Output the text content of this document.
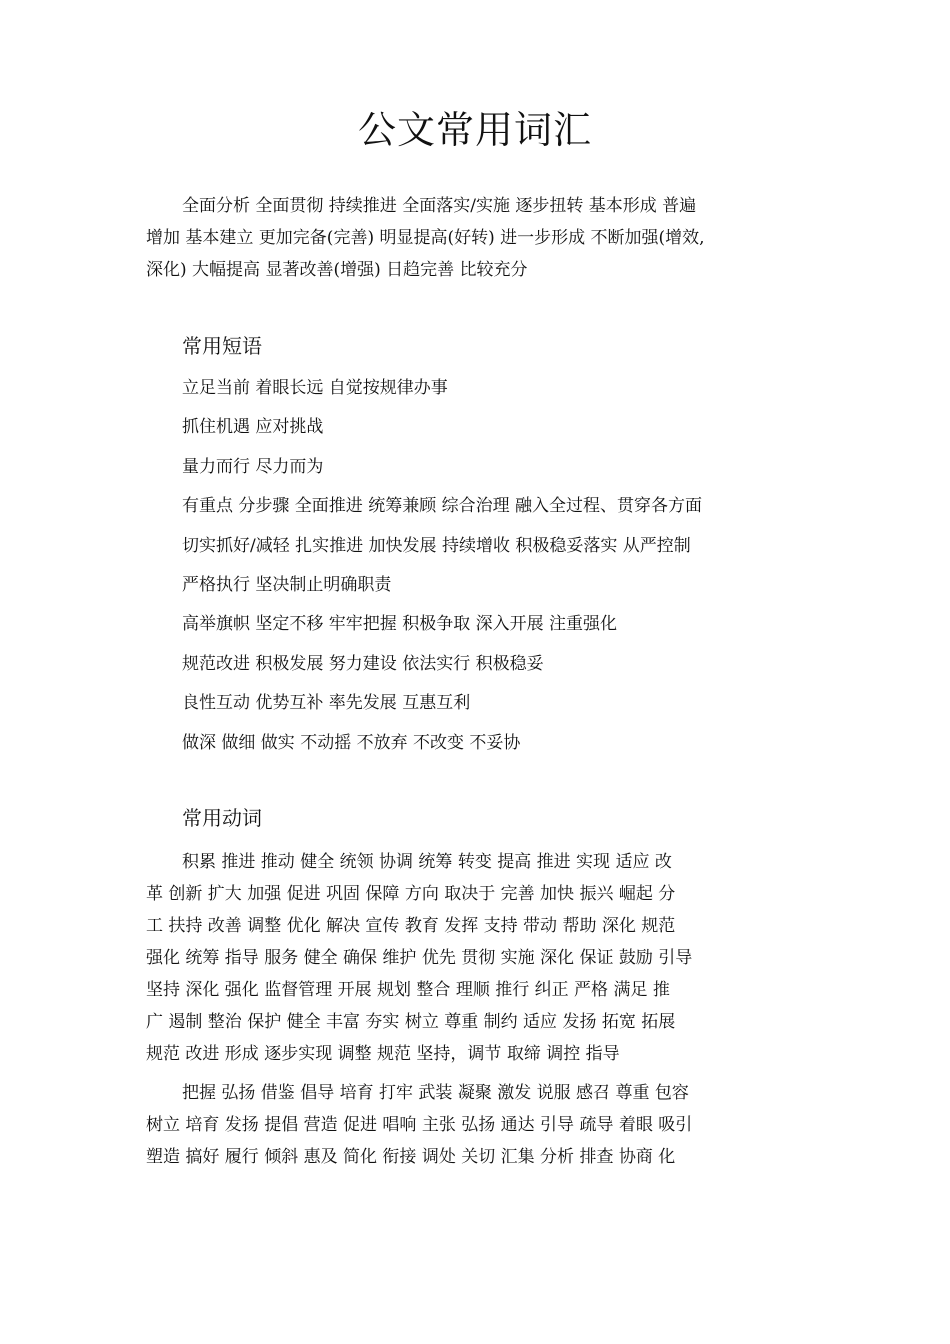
公文常用词汇
全面分析 全面贯彻 持续推进 全面落实/实施 逐步扭转 基本形成 普遍
增加 基本建立 更加完备(完善) 明显提高(好转) 进一步形成 不断加强(增效,
深化) 大幅提高 显著改善(增强) 日趋完善 比较充分
常用短语
立足当前 着眼长远 自觉按规律办事
抓住机遇 应对挑战
量力而行 尽力而为
有重点 分步骤 全面推进 统筹兼顾 综合治理 融入全过程、贯穿各方面
切实抓好/减轻 扎实推进 加快发展 持续增收 积极稳妥落实 从严控制
严格执行 坚决制止明确职责
高举旗帜 坚定不移 牢牢把握 积极争取 深入开展 注重强化
规范改进 积极发展 努力建设 依法实行 积极稳妥
良性互动 优势互补 率先发展 互惠互利
做深 做细 做实 不动摇 不放弃 不改变 不妥协
常用动词
积累 推进 推动 健全 统领 协调 统筹 转变 提高 推进 实现 适应 改
革 创新 扩大 加强 促进 巩固 保障 方向 取决于 完善 加快 振兴 崛起 分
工 扶持 改善 调整 优化 解决 宣传 教育 发挥 支持 带动 帮助 深化 规范
强化 统筹 指导 服务 健全 确保 维护 优先 贯彻 实施 深化 保证 鼓励 引导
坚持 深化 强化 监督管理 开展 规划 整合 理顺 推行 纠正 严格 满足 推
广 遏制 整治 保护 健全 丰富 夯实 树立 尊重 制约 适应 发扬 拓宽 拓展
规范 改进 形成 逐步实现 调整 规范 坚持，调节 取缔 调控 指导
把握 弘扬 借鉴 倡导 培育 打牢 武装 凝聚 激发 说服 感召 尊重 包容
树立 培育 发扬 提倡 营造 促进 唱响 主张 弘扬 通达 引导 疏导 着眼 吸引
塑造 搞好 履行 倾斜 惠及 简化 衔接 调处 关切 汇集 分析 排查 协商 化
